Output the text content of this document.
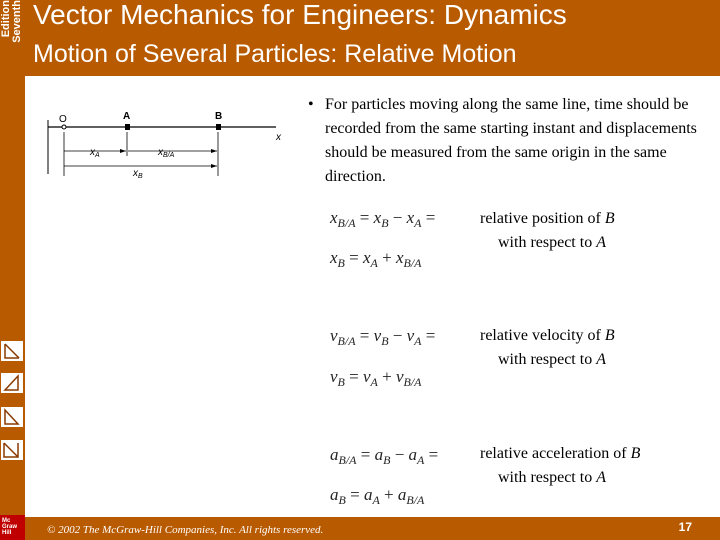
Seventh
Edition Vector Mechanics for Engineers: Dynamics
Motion of Several Particles: Relative Motion
Mc
Graw
Hill	© 2002 The McGraw-Hill Companies, Inc. All rights reserved.	17
O	A	B
x
$x_A$	$x_{B/A}$
$x_B$
• For particles moving along the same line, time should be recorded from the same starting instant and displacements should be measured from the same origin in the same direction.
$x_{B/A} = x_B - x_A$ =	relative position of B
with respect to A
$x_B = x_A + x_{B/A}$
$v_{B/A} = v_B - v_A$ =	relative velocity of B
with respect to A
$v_B = v_A + v_{B/A}$
$a_{B/A} = a_B - a_A$ =	relative acceleration of B
with respect to A
$a_B = a_A + a_{B/A}$
